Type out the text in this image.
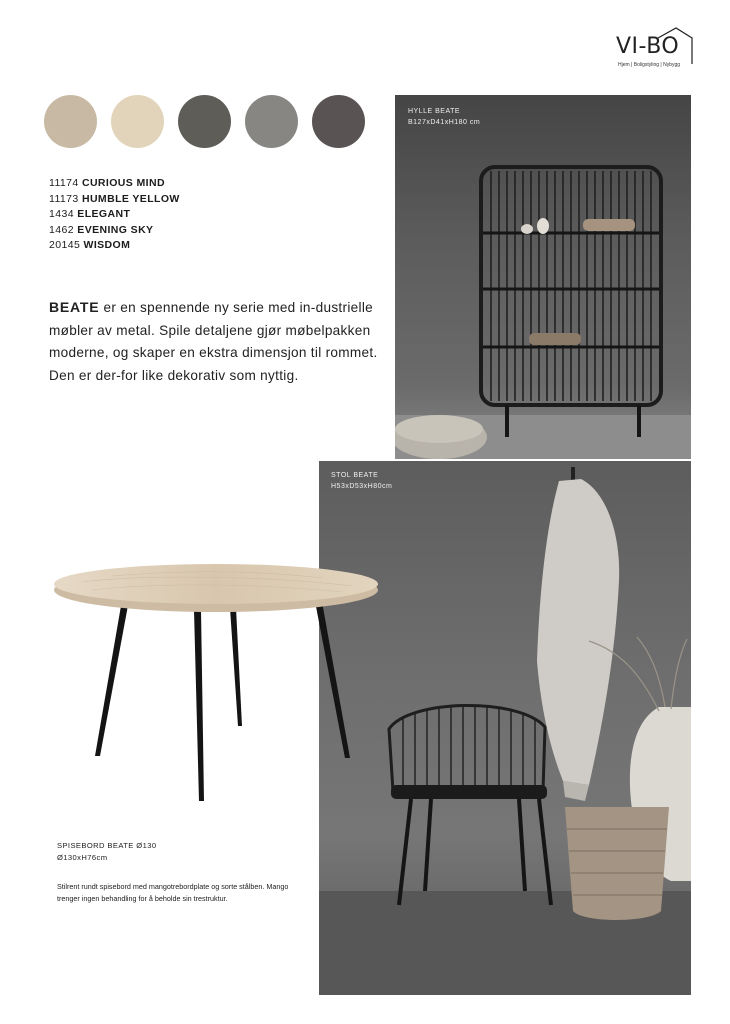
VI-BO
Hjem | Boligstyling | Nybygg
11174 CURIOUS MIND
11173 HUMBLE YELLOW
1434 ELEGANT
1462 EVENING SKY
20145 WISDOM

BEATE er en spennende ny serie med in-dustrielle møbler av metal. Spile detaljene gjør møbelpakken moderne, og skaper en ekstra dimensjon til rommet. Den er der-for like dekorativ som nyttig.

HYLLE BEATE
B127xD41xH180 cm
STOL BEATE
H53xD53xH80cm
SPISEBORD BEATE Ø130
Ø130xH76cm

Stilrent rundt spisebord med mangotrebordplate og sorte stålben. Mango trenger ingen behandling for å beholde sin trestruktur.
